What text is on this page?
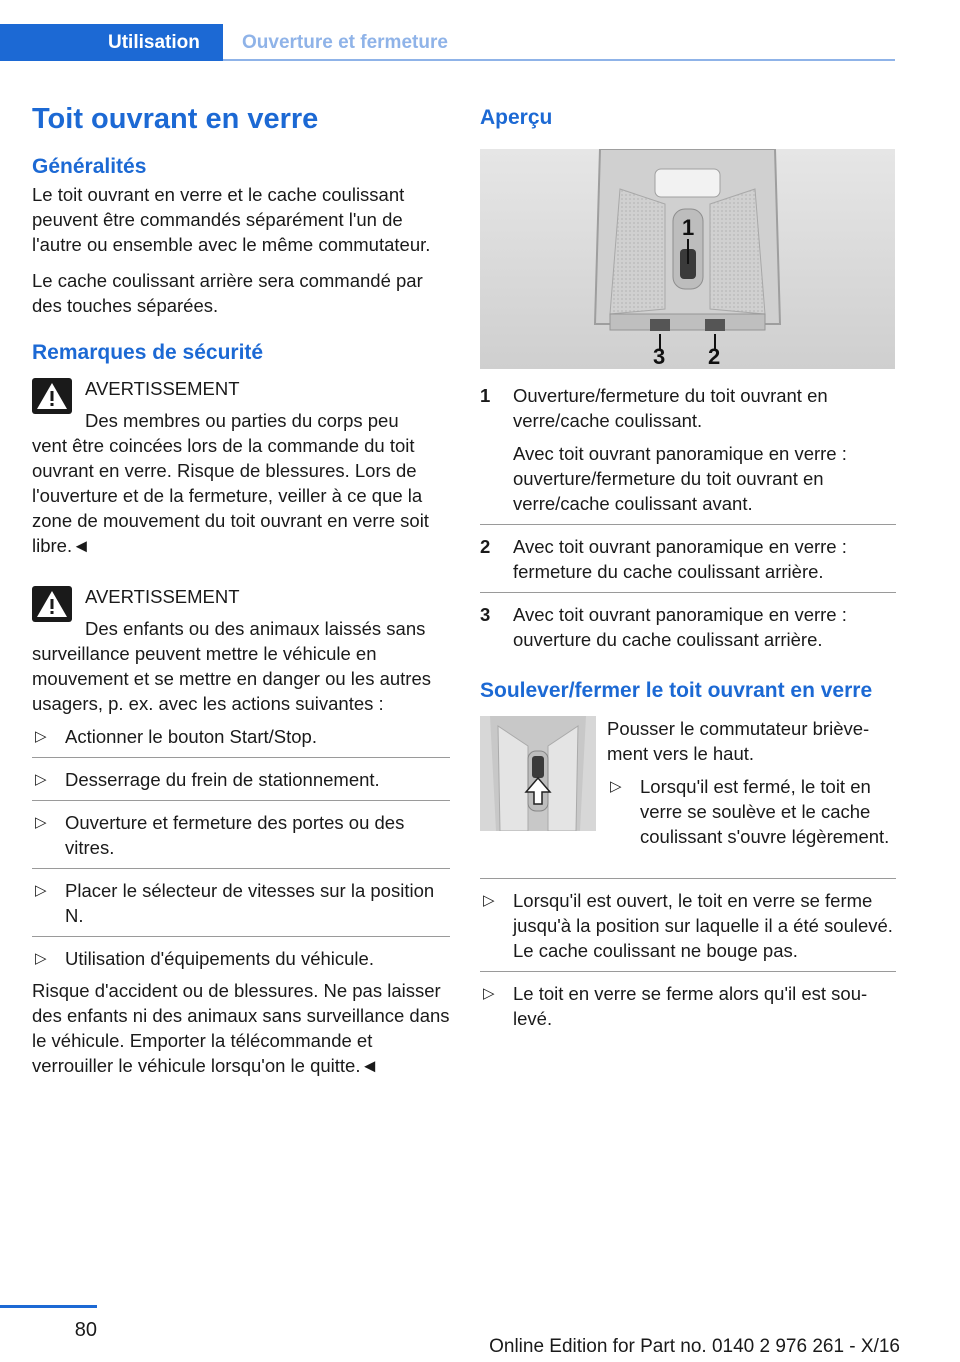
Utilisation	Ouverture et fermeture
Toit ouvrant en verre
Généralités
Le toit ouvrant en verre et le cache coulissant peuvent être commandés séparément l'un de l'autre ou ensemble avec le même commutateur.
Le cache coulissant arrière sera commandé par des touches séparées.
Remarques de sécurité
AVERTISSEMENT
Des membres ou parties du corps peu
vent être coincées lors de la commande du toit ouvrant en verre. Risque de blessures. Lors de l'ouverture et de la fermeture, veiller à ce que la zone de mouvement du toit ouvrant en verre soit libre.◄
AVERTISSEMENT
Des enfants ou des animaux laissés sans
surveillance peuvent mettre le véhicule en mouvement et se mettre en danger ou les autres usagers, p. ex. avec les actions suivantes :
▷ Actionner le bouton Start/Stop.
▷ Desserrage du frein de stationnement.
▷ Ouverture et fermeture des portes ou des vitres.
▷ Placer le sélecteur de vitesses sur la position N.
▷ Utilisation d'équipements du véhicule.
Risque d'accident ou de blessures. Ne pas laisser des enfants ni des animaux sans surveillance dans le véhicule. Emporter la télécommande et verrouiller le véhicule lorsqu'on le quitte.◄
Aperçu
1
2
3
1 Ouverture/fermeture du toit ouvrant en verre/cache coulissant.
Avec toit ouvrant panoramique en verre : ouverture/fermeture du toit ouvrant en verre/cache coulissant avant.
2 Avec toit ouvrant panoramique en verre : fermeture du cache coulissant arrière.
3 Avec toit ouvrant panoramique en verre : ouverture du cache coulissant arrière.
Soulever/fermer le toit ouvrant en verre
Pousser le commutateur brièvement vers le haut.
▷ Lorsqu'il est fermé, le toit en verre se soulève et le cache coulissant s'ouvre légèrement.
▷ Lorsqu'il est ouvert, le toit en verre se ferme jusqu'à la position sur laquelle il a été soulevé. Le cache coulissant ne bouge pas.
▷ Le toit en verre se ferme alors qu'il est soulevé.
80
Online Edition for Part no. 0140 2 976 261 - X/16
